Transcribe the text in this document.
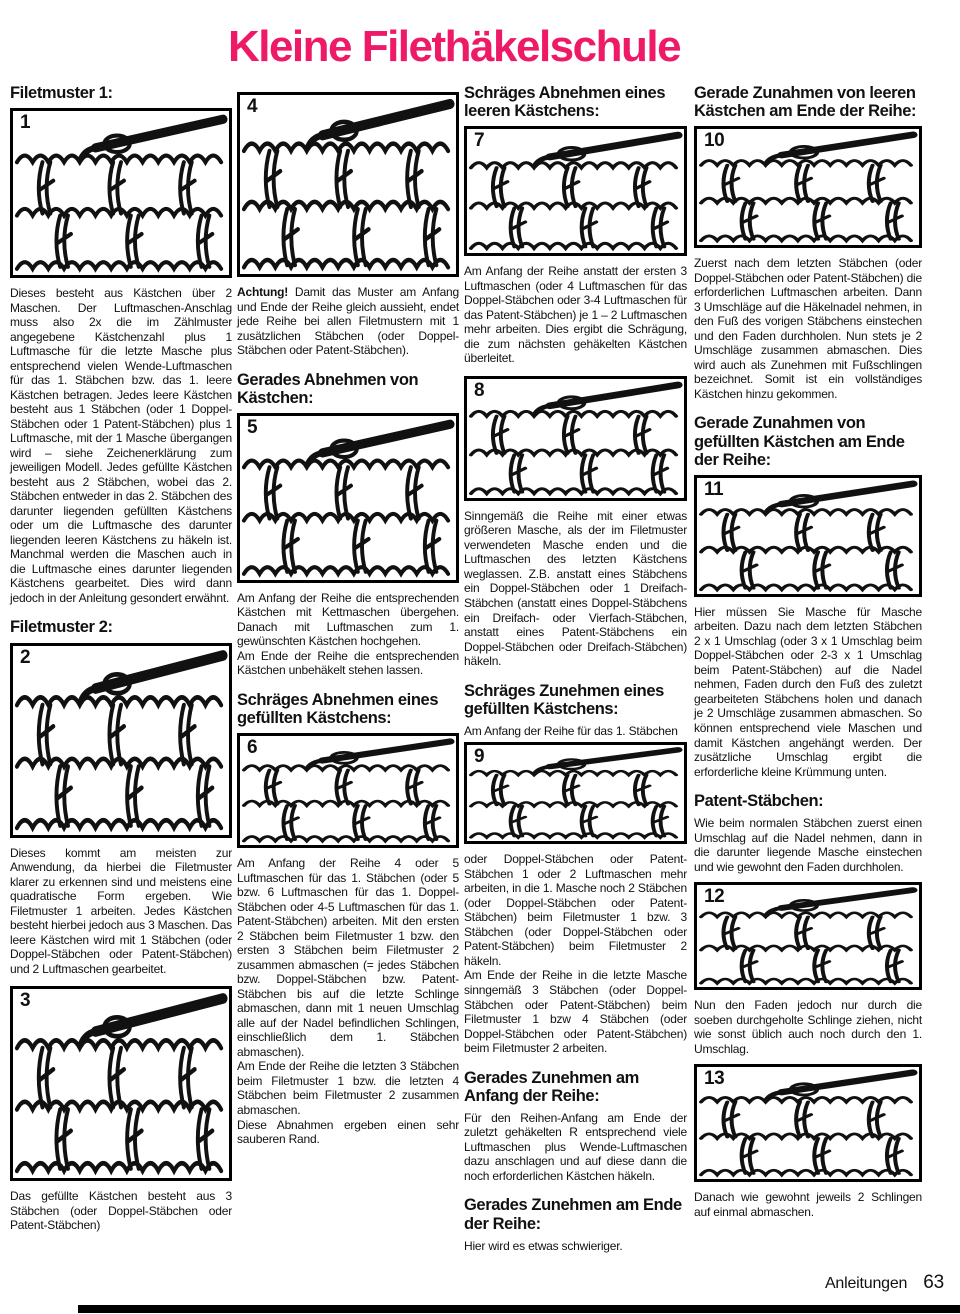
Kleine Filethäkelschule
Filetmuster 1:
1

Dieses besteht aus Kästchen über 2 Maschen. Der Luftmaschen-Anschlag muss also 2x die im Zählmuster angegebene Kästchenzahl plus 1 Luftmasche für die letzte Masche plus entsprechend vielen Wende-Luftmaschen für das 1. Stäbchen bzw. das 1. leere Kästchen betragen. Jedes leere Kästchen besteht aus 1 Stäbchen (oder 1 Doppel-Stäbchen oder 1 Patent-Stäbchen) plus 1 Luftmasche, mit der 1 Masche übergangen wird – siehe Zeichenerklärung zum jeweiligen Modell. Jedes gefüllte Kästchen besteht aus 2 Stäbchen, wobei das 2. Stäbchen entweder in das 2. Stäbchen des darunter liegenden gefüllten Kästchens oder um die Luftmasche des darunter liegenden leeren Kästchens zu häkeln ist. Manchmal werden die Maschen auch in die Luftmasche eines darunter liegenden Kästchens gearbeitet. Dies wird dann jedoch in der Anleitung gesondert erwähnt.

Filetmuster 2:
2

Dieses kommt am meisten zur Anwendung, da hierbei die Filetmuster klarer zu erkennen sind und meistens eine quadratische Form ergeben. Wie Filetmuster 1 arbeiten. Jedes Kästchen besteht hierbei jedoch aus 3 Maschen. Das leere Kästchen wird mit 1 Stäbchen (oder Doppel-Stäbchen oder Patent-Stäbchen) und 2 Luftmaschen gearbeitet.

3

Das gefüllte Kästchen besteht aus 3 Stäbchen (oder Doppel-Stäbchen oder Patent-Stäbchen)

4

Achtung! Damit das Muster am Anfang und Ende der Reihe gleich aussieht, endet jede Reihe bei allen Filetmustern mit 1 zusätzlichen Stäbchen (oder Doppel-Stäbchen oder Patent-Stäbchen).

Gerades Abnehmen von Kästchen:
5

Am Anfang der Reihe die entsprechenden Kästchen mit Kettmaschen übergehen. Danach mit Luftmaschen zum 1. gewünschten Kästchen hochgehen.

Am Ende der Reihe die entsprechenden Kästchen unbehäkelt stehen lassen.

Schräges Abnehmen eines gefüllten Kästchens:
6

Am Anfang der Reihe 4 oder 5 Luftmaschen für das 1. Stäbchen (oder 5 bzw. 6 Luftmaschen für das 1. Doppel-Stäbchen oder 4-5 Luftmaschen für das 1. Patent-Stäbchen) arbeiten. Mit den ersten 2 Stäbchen beim Filetmuster 1 bzw. den ersten 3 Stäbchen beim Filetmuster 2 zusammen abmaschen (= jedes Stäbchen bzw. Doppel-Stäbchen bzw. Patent-Stäbchen bis auf die letzte Schlinge abmaschen, dann mit 1 neuen Umschlag alle auf der Nadel befindlichen Schlingen, einschließlich dem 1. Stäbchen abmaschen).

Am Ende der Reihe die letzten 3 Stäbchen beim Filetmuster 1 bzw. die letzten 4 Stäbchen beim Filetmuster 2 zusammen abmaschen.

Diese Abnahmen ergeben einen sehr sauberen Rand.

Schräges Abnehmen eines leeren Kästchens:
7

Am Anfang der Reihe anstatt der ersten 3 Luftmaschen (oder 4 Luftmaschen für das Doppel-Stäbchen oder 3-4 Luftmaschen für das Patent-Stäbchen) je 1 – 2 Luftmaschen mehr arbeiten. Dies ergibt die Schrägung, die zum nächsten gehäkelten Kästchen überleitet.

8

Sinngemäß die Reihe mit einer etwas größeren Masche, als der im Filetmuster verwendeten Masche enden und die Luftmaschen des letzten Kästchens weglassen. Z.B. anstatt eines Stäbchens ein Doppel-Stäbchen oder 1 Dreifach-Stäbchen (anstatt eines Doppel-Stäbchens ein Dreifach- oder Vierfach-Stäbchen, anstatt eines Patent-Stäbchens ein Doppel-Stäbchen oder Dreifach-Stäbchen) häkeln.

Schräges Zunehmen eines gefüllten Kästchens:

Am Anfang der Reihe für das 1. Stäbchen

9

oder Doppel-Stäbchen oder Patent-Stäbchen 1 oder 2 Luftmaschen mehr arbeiten, in die 1. Masche noch 2 Stäbchen (oder Doppel-Stäbchen oder Patent-Stäbchen) beim Filetmuster 1 bzw. 3 Stäbchen (oder Doppel-Stäbchen oder Patent-Stäbchen) beim Filetmuster 2 häkeln.

Am Ende der Reihe in die letzte Masche sinngemäß 3 Stäbchen (oder Doppel-Stäbchen oder Patent-Stäbchen) beim Filetmuster 1 bzw 4 Stäbchen (oder Doppel-Stäbchen oder Patent-Stäbchen) beim Filetmuster 2 arbeiten.

Gerades Zunehmen am Anfang der Reihe:

Für den Reihen-Anfang am Ende der zuletzt gehäkelten R entsprechend viele Luftmaschen plus Wende-Luftmaschen dazu anschlagen und auf diese dann die noch erforderlichen Kästchen häkeln.

Gerades Zunehmen am Ende der Reihe:

Hier wird es etwas schwieriger.

Gerade Zunahmen von leeren Kästchen am Ende der Reihe:
10

Zuerst nach dem letzten Stäbchen (oder Doppel-Stäbchen oder Patent-Stäbchen) die erforderlichen Luftmaschen arbeiten. Dann 3 Umschläge auf die Häkelnadel nehmen, in den Fuß des vorigen Stäbchens einstechen und den Faden durchholen. Nun stets je 2 Umschläge zusammen abmaschen. Dies wird auch als Zunehmen mit Fußschlingen bezeichnet. Somit ist ein vollständiges Kästchen hinzu gekommen.

Gerade Zunahmen von gefüllten Kästchen am Ende der Reihe:
11

Hier müssen Sie Masche für Masche arbeiten. Dazu nach dem letzten Stäbchen 2 x 1 Umschlag (oder 3 x 1 Umschlag beim Doppel-Stäbchen oder 2-3 x 1 Umschlag beim Patent-Stäbchen) auf die Nadel nehmen, Faden durch den Fuß des zuletzt gearbeiteten Stäbchens holen und danach je 2 Umschläge zusammen abmaschen. So können entsprechend viele Maschen und damit Kästchen angehängt werden. Der zusätzliche Umschlag ergibt die erforderliche kleine Krümmung unten.

Patent-Stäbchen:

Wie beim normalen Stäbchen zuerst einen Umschlag auf die Nadel nehmen, dann in die darunter liegende Masche einstechen und wie gewohnt den Faden durchholen.

12

Nun den Faden jedoch nur durch die soeben durchgeholte Schlinge ziehen, nicht wie sonst üblich auch noch durch den 1. Umschlag.

13

Danach wie gewohnt jeweils 2 Schlingen auf einmal abmaschen.

Anleitungen 63
